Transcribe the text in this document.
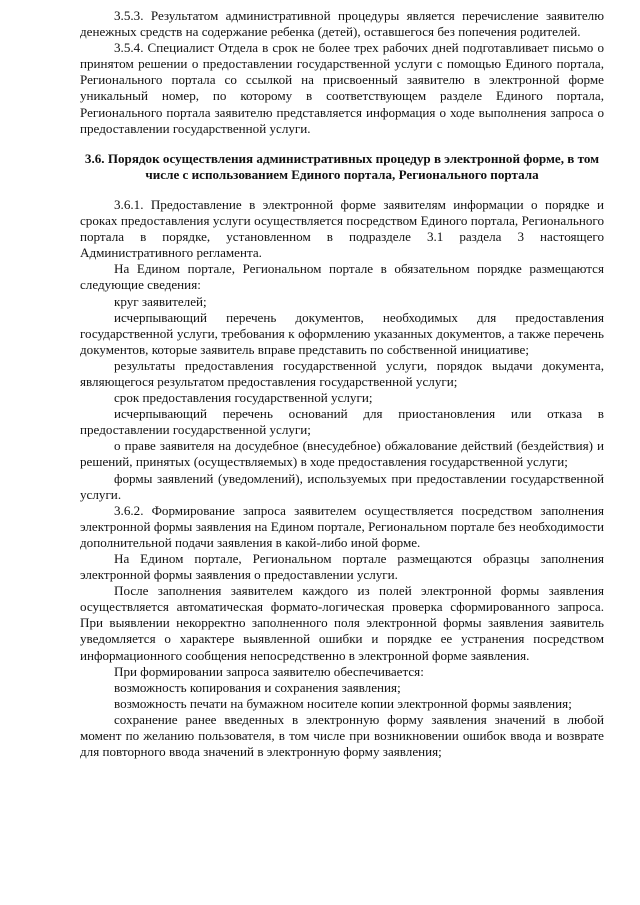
3.5.3. Результатом административной процедуры является перечисление заявителю денежных средств на содержание ребенка (детей), оставшегося без попечения родителей.

3.5.4. Специалист Отдела в срок не более трех рабочих дней подготавливает письмо о принятом решении о предоставлении государственной услуги с помощью Единого портала, Регионального портала со ссылкой на присвоенный заявителю в электронной форме уникальный номер, по которому в соответствующем разделе Единого портала, Регионального портала заявителю представляется информация о ходе выполнения запроса о предоставлении государственной услуги.

3.6. Порядок осуществления административных процедур в электронной форме, в том числе с использованием Единого портала, Регионального портала

3.6.1. Предоставление в электронной форме заявителям информации о порядке и сроках предоставления услуги осуществляется посредством Единого портала, Регионального портала в порядке, установленном в подразделе 3.1 раздела 3 настоящего Административного регламента.

На Едином портале, Региональном портале в обязательном порядке размещаются следующие сведения:

круг заявителей;

исчерпывающий перечень документов, необходимых для предоставления государственной услуги, требования к оформлению указанных документов, а также перечень документов, которые заявитель вправе представить по собственной инициативе;

результаты предоставления государственной услуги, порядок выдачи документа, являющегося результатом предоставления государственной услуги;

срок предоставления государственной услуги;

исчерпывающий перечень оснований для приостановления или отказа в предоставлении государственной услуги;

о праве заявителя на досудебное (внесудебное) обжалование действий (бездействия) и решений, принятых (осуществляемых) в ходе предоставления государственной услуги;

формы заявлений (уведомлений), используемых при предоставлении государственной услуги.

3.6.2. Формирование запроса заявителем осуществляется посредством заполнения электронной формы заявления на Едином портале, Региональном портале без необходимости дополнительной подачи заявления в какой-либо иной форме.

На Едином портале, Региональном портале размещаются образцы заполнения электронной формы заявления о предоставлении услуги.

После заполнения заявителем каждого из полей электронной формы заявления осуществляется автоматическая формато-логическая проверка сформированного запроса. При выявлении некорректно заполненного поля электронной формы заявления заявитель уведомляется о характере выявленной ошибки и порядке ее устранения посредством информационного сообщения непосредственно в электронной форме заявления.

При формировании запроса заявителю обеспечивается:

возможность копирования и сохранения заявления;

возможность печати на бумажном носителе копии электронной формы заявления;

сохранение ранее введенных в электронную форму заявления значений в любой момент по желанию пользователя, в том числе при возникновении ошибок ввода и возврате для повторного ввода значений в электронную форму заявления;
